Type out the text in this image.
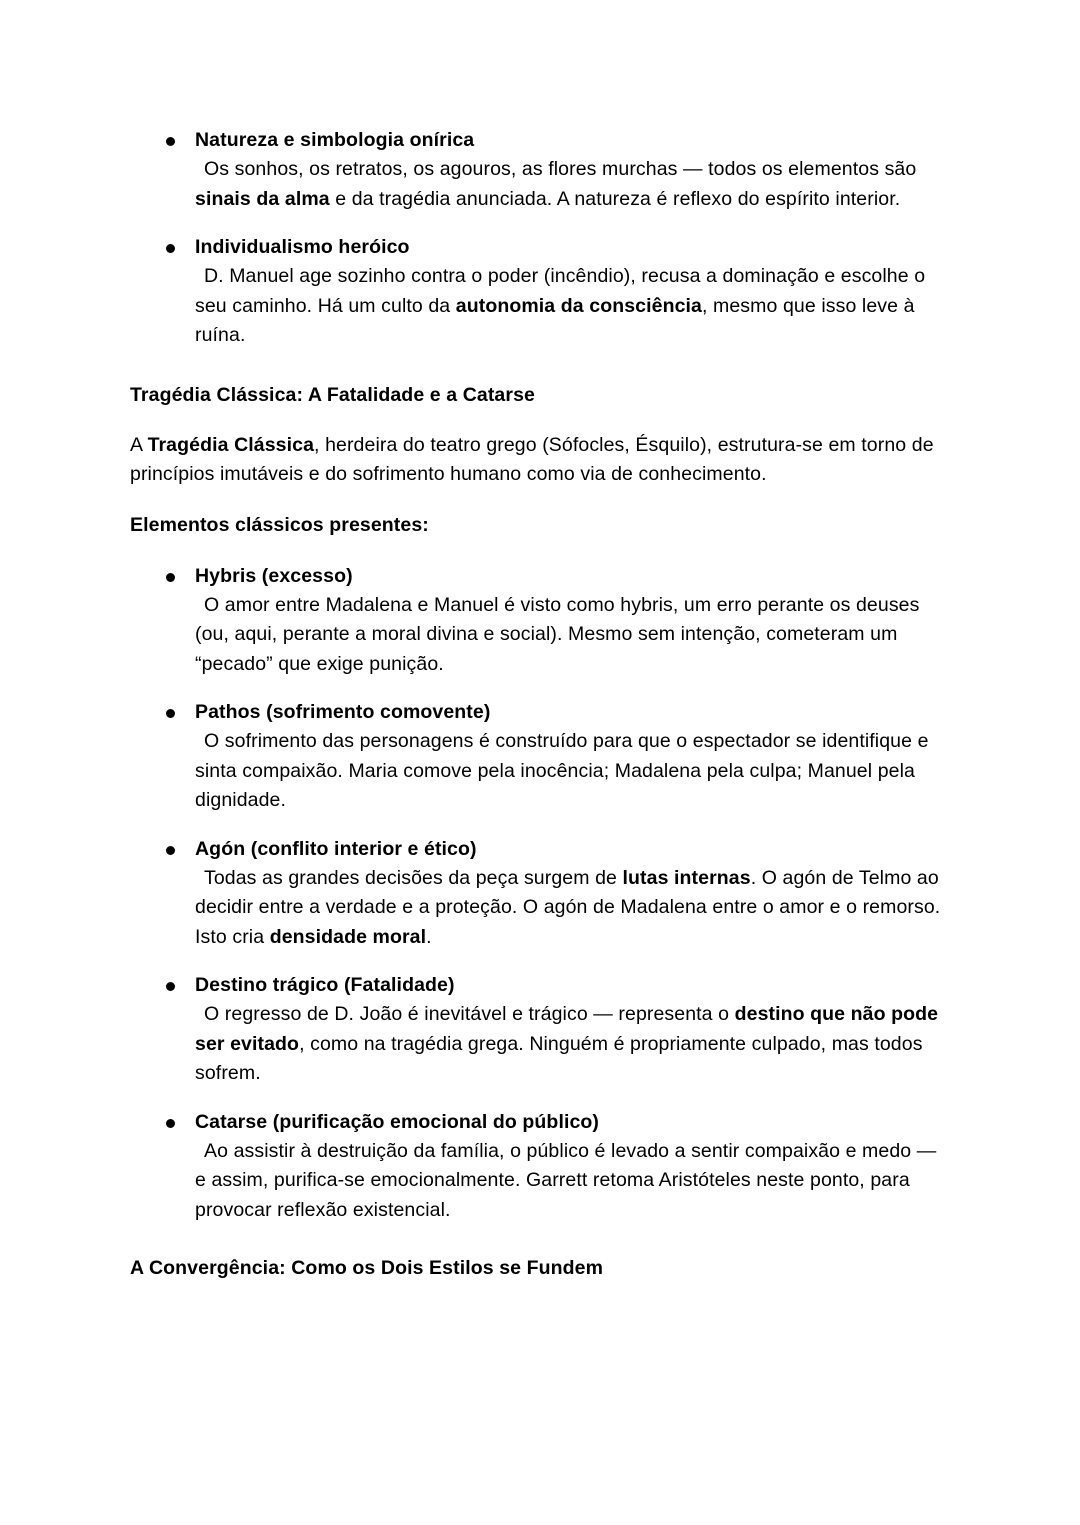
Natureza e simbologia onírica
Os sonhos, os retratos, os agouros, as flores murchas — todos os elementos são sinais da alma e da tragédia anunciada. A natureza é reflexo do espírito interior.
Individualismo heróico
D. Manuel age sozinho contra o poder (incêndio), recusa a dominação e escolhe o seu caminho. Há um culto da autonomia da consciência, mesmo que isso leve à ruína.

Tragédia Clássica: A Fatalidade e a Catarse

A Tragédia Clássica, herdeira do teatro grego (Sófocles, Ésquilo), estrutura-se em torno de princípios imutáveis e do sofrimento humano como via de conhecimento.

Elementos clássicos presentes:

Hybris (excesso)
O amor entre Madalena e Manuel é visto como hybris, um erro perante os deuses (ou, aqui, perante a moral divina e social). Mesmo sem intenção, cometeram um “pecado” que exige punição.
Pathos (sofrimento comovente)
O sofrimento das personagens é construído para que o espectador se identifique e sinta compaixão. Maria comove pela inocência; Madalena pela culpa; Manuel pela dignidade.
Agón (conflito interior e ético)
Todas as grandes decisões da peça surgem de lutas internas. O agón de Telmo ao decidir entre a verdade e a proteção. O agón de Madalena entre o amor e o remorso. Isto cria densidade moral.
Destino trágico (Fatalidade)
O regresso de D. João é inevitável e trágico — representa o destino que não pode ser evitado, como na tragédia grega. Ninguém é propriamente culpado, mas todos sofrem.
Catarse (purificação emocional do público)
Ao assistir à destruição da família, o público é levado a sentir compaixão e medo — e assim, purifica-se emocionalmente. Garrett retoma Aristóteles neste ponto, para provocar reflexão existencial.

A Convergência: Como os Dois Estilos se Fundem
